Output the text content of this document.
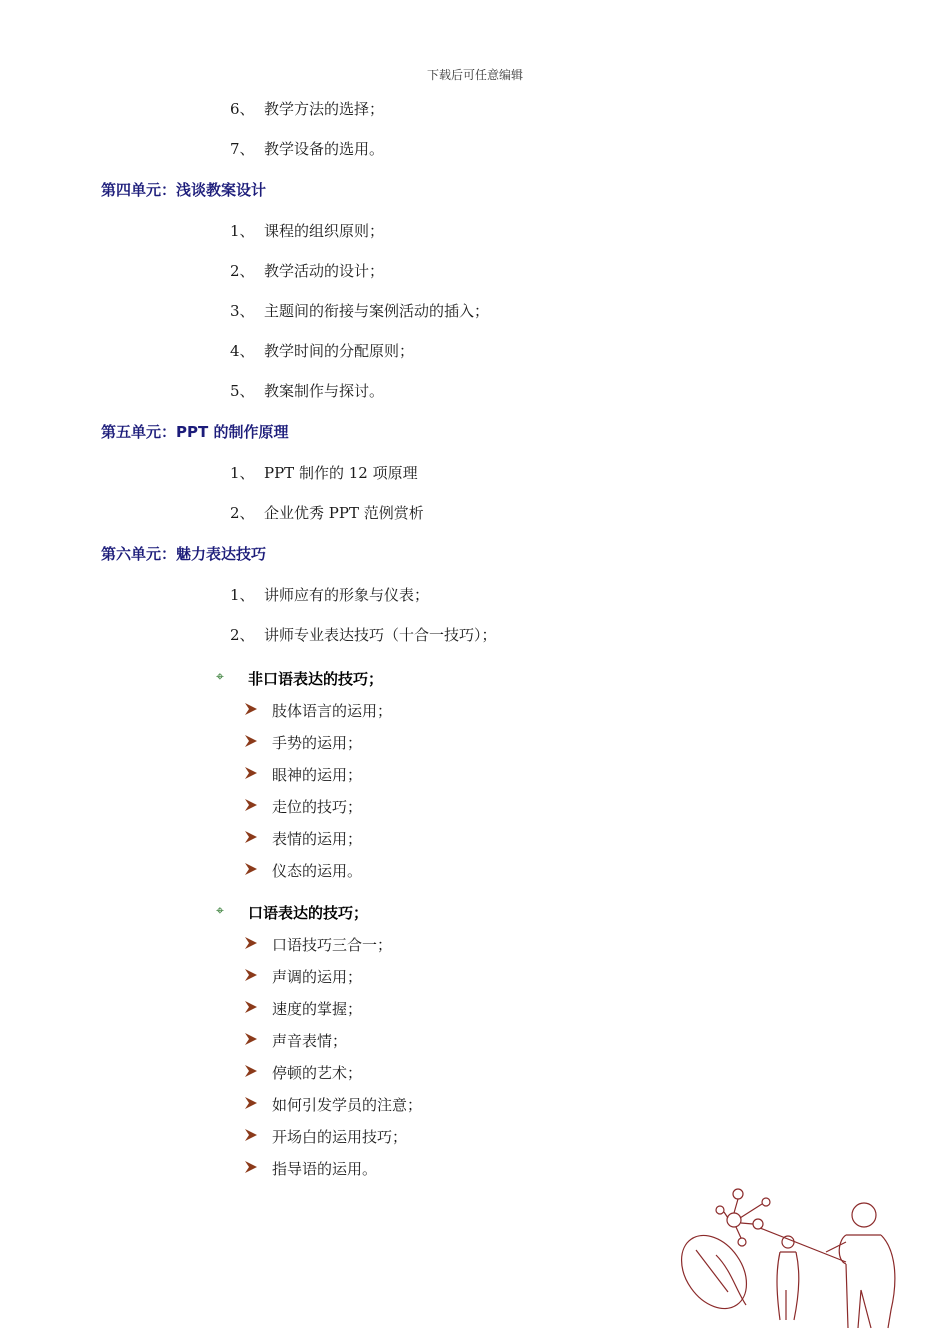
下载后可任意编辑
6、 教学方法的选择；
7、 教学设备的选用。
第四单元：浅谈教案设计
1、 课程的组织原则；
2、 教学活动的设计；
3、 主题间的衔接与案例活动的插入；
4、 教学时间的分配原则；
5、 教案制作与探讨。
第五单元：PPT 的制作原理
1、 PPT 制作的 12 项原理
2、 企业优秀 PPT 范例赏析
第六单元：魅力表达技巧
1、 讲师应有的形象与仪表；
2、 讲师专业表达技巧（十合一技巧）；
⌖ 非口语表达的技巧；
肢体语言的运用；
手势的运用；
眼神的运用；
走位的技巧；
表情的运用；
仪态的运用。
⌖ 口语表达的技巧；
口语技巧三合一；
声调的运用；
速度的掌握；
声音表情；
停顿的艺术；
如何引发学员的注意；
开场白的运用技巧；
指导语的运用。
